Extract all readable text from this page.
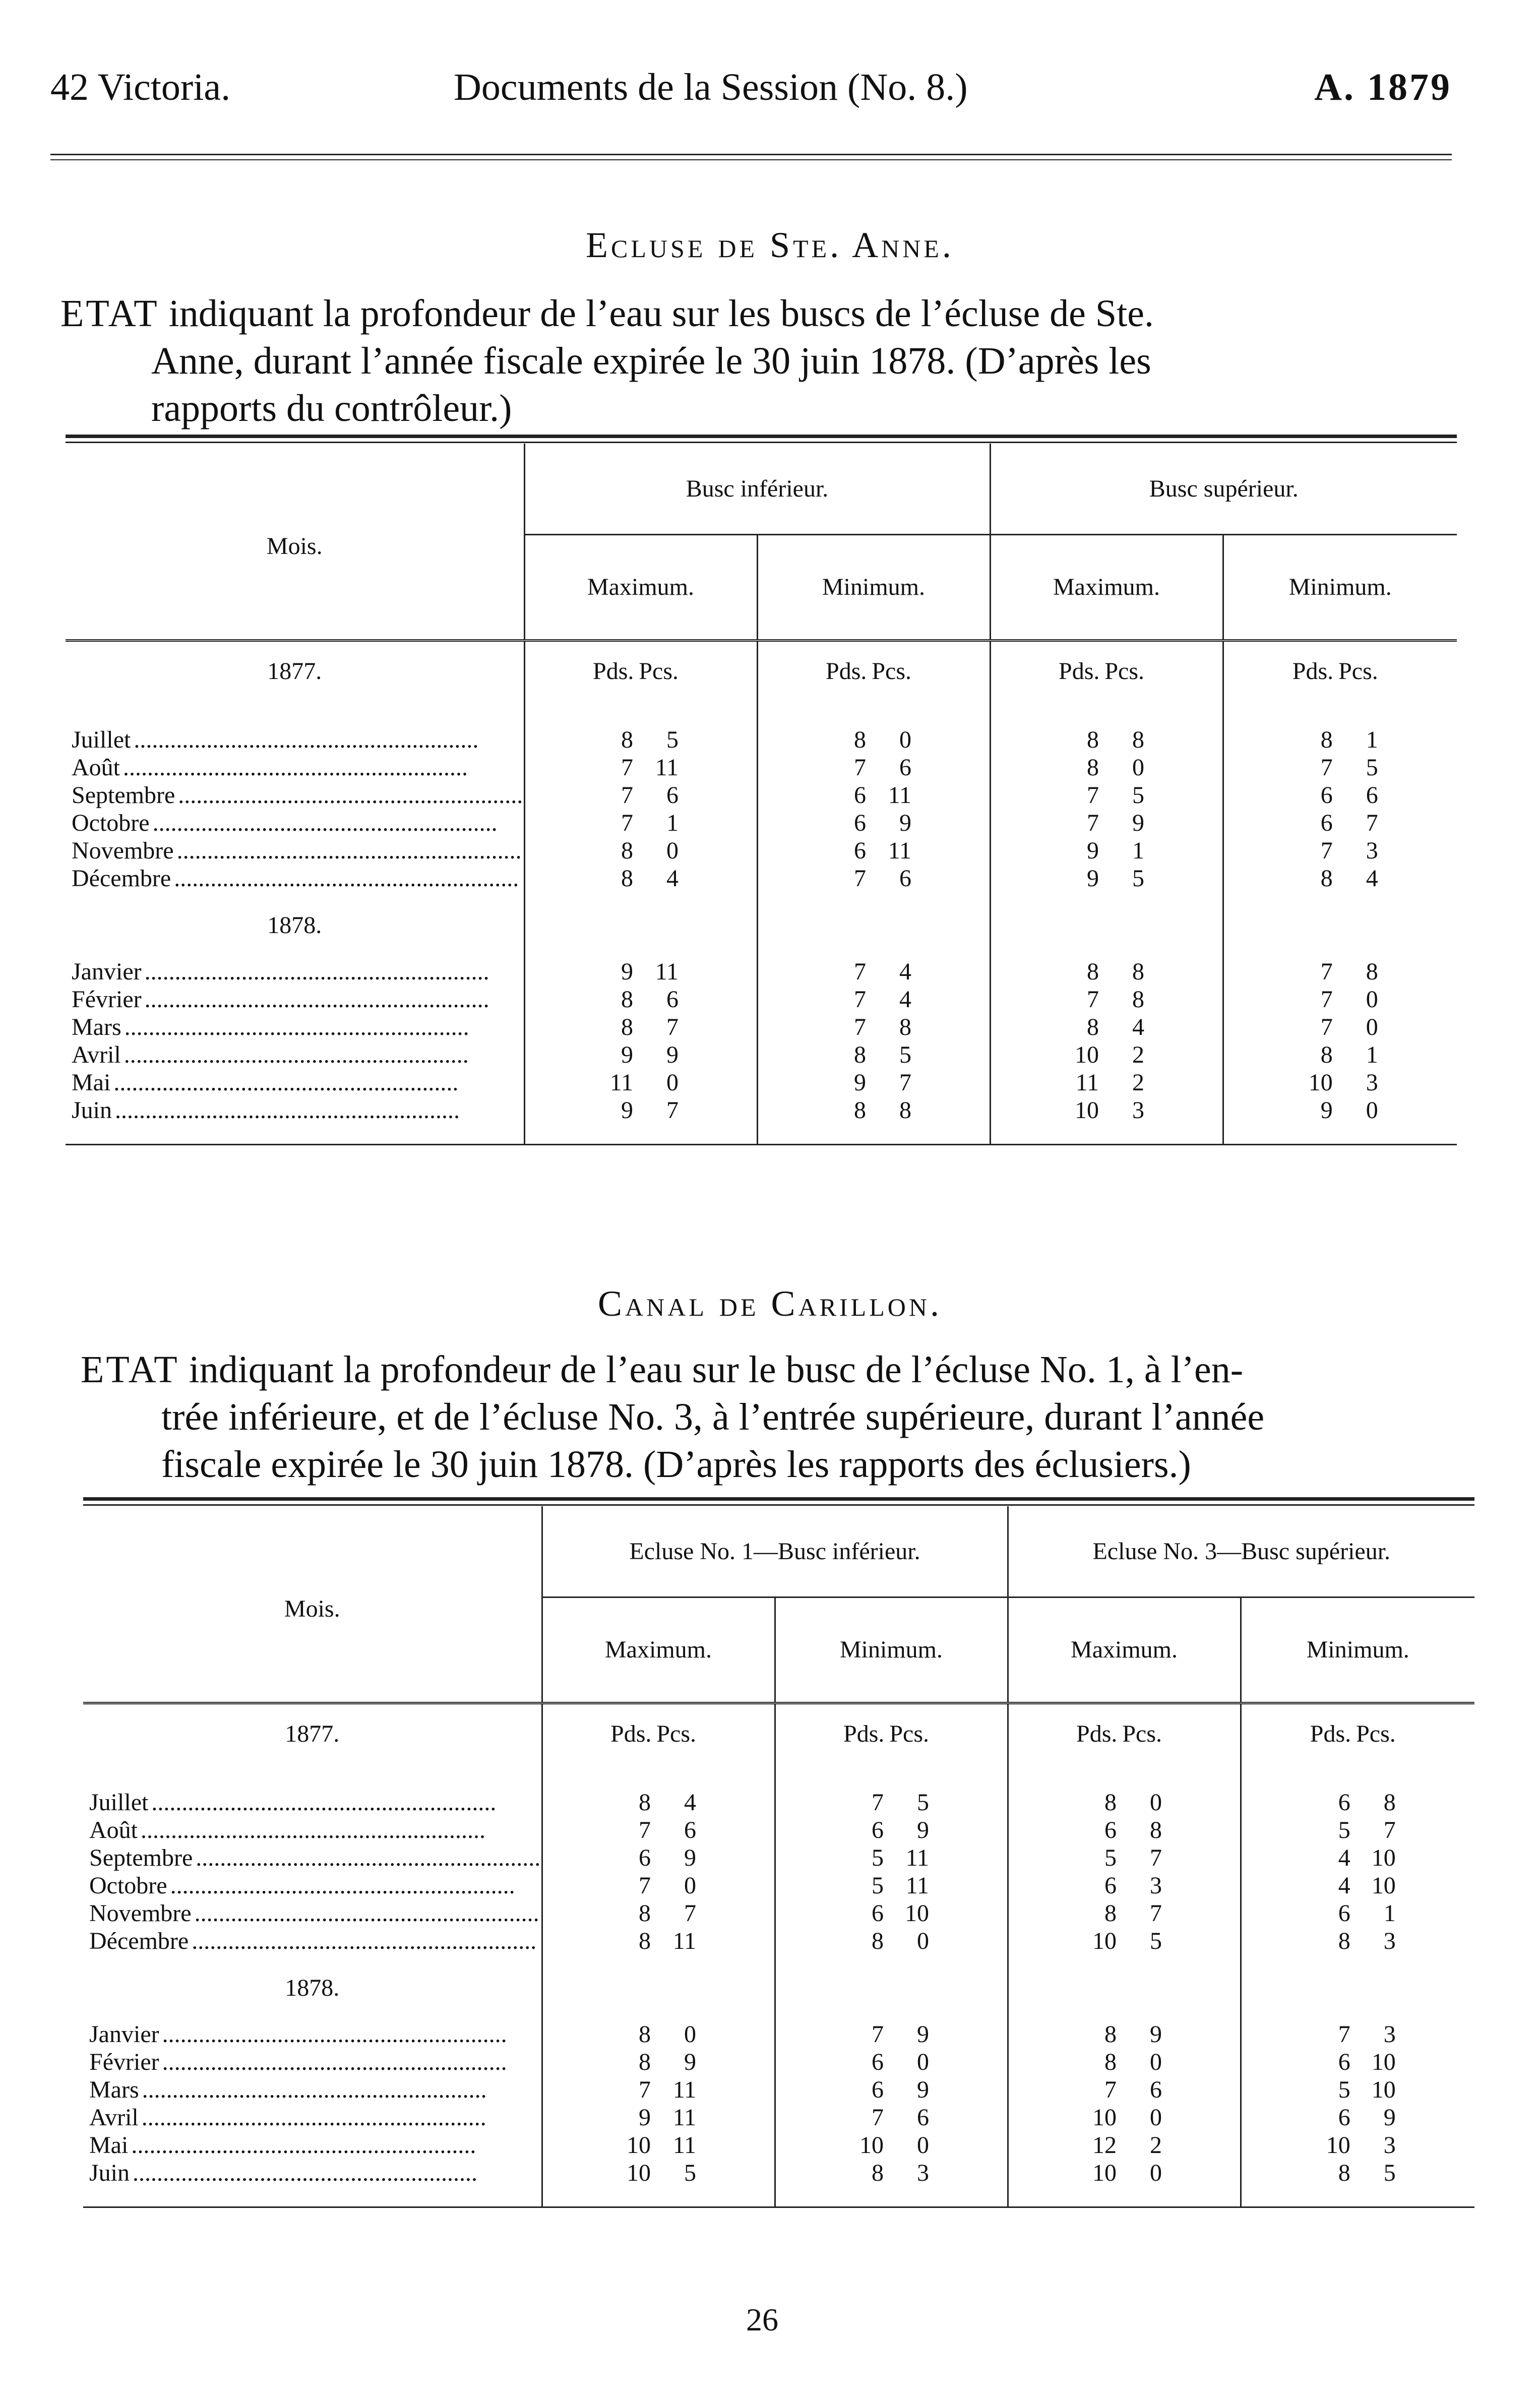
42 Victoria.	Documents de la Session (No. 8.)	A. 1879
Ecluse de Ste. Anne.
ETAT indiquant la profondeur de l’eau sur les buscs de l’écluse de Ste.
Anne, durant l’année fiscale expirée le 30 juin 1878. (D’après les
rapports du contrôleur.)
Mois.	Busc inférieur.		Busc supérieur.	
	Maximum.	Minimum.	Maximum.	Minimum.
1877.	Pds. Pcs.	Pds. Pcs.	Pds. Pcs.	Pds. Pcs.

Juillet.........................................................	8 5	8 0	8 8	8 1
Août.........................................................	7 11	7 6	8 0	7 5
Septembre.........................................................	7 6	6 11	7 5	6 6
Octobre.........................................................	7 1	6 9	7 9	6 7
Novembre.........................................................	8 0	6 11	9 1	7 3
Décembre.........................................................	8 4	7 6	9 5	8 4
1878.				
Janvier.........................................................	9 11	7 4	8 8	7 8
Février.........................................................	8 6	7 4	7 8	7 0
Mars.........................................................	8 7	7 8	8 4	7 0
Avril.........................................................	9 9	8 5	10 2	8 1
Mai.........................................................	11 0	9 7	11 2	10 3
Juin.........................................................	9 7	8 8	10 3	9 0

Canal de Carillon.
ETAT indiquant la profondeur de l’eau sur le busc de l’écluse No. 1, à l’en-
trée inférieure, et de l’écluse No. 3, à l’entrée supérieure, durant l’année
fiscale expirée le 30 juin 1878. (D’après les rapports des éclusiers.)
Mois.	Ecluse No. 1—Busc inférieur.		Ecluse No. 3—Busc supérieur.	
	Maximum.	Minimum.	Maximum.	Minimum.
1877.	Pds. Pcs.	Pds. Pcs.	Pds. Pcs.	Pds. Pcs.

Juillet.........................................................	8 4	7 5	8 0	6 8
Août.........................................................	7 6	6 9	6 8	5 7
Septembre.........................................................	6 9	5 11	5 7	4 10
Octobre.........................................................	7 0	5 11	6 3	4 10
Novembre.........................................................	8 7	6 10	8 7	6 1
Décembre.........................................................	8 11	8 0	10 5	8 3
1878.				
Janvier.........................................................	8 0	7 9	8 9	7 3
Février.........................................................	8 9	6 0	8 0	6 10
Mars.........................................................	7 11	6 9	7 6	5 10
Avril.........................................................	9 11	7 6	10 0	6 9
Mai.........................................................	10 11	10 0	12 2	10 3
Juin.........................................................	10 5	8 3	10 0	8 5

26
